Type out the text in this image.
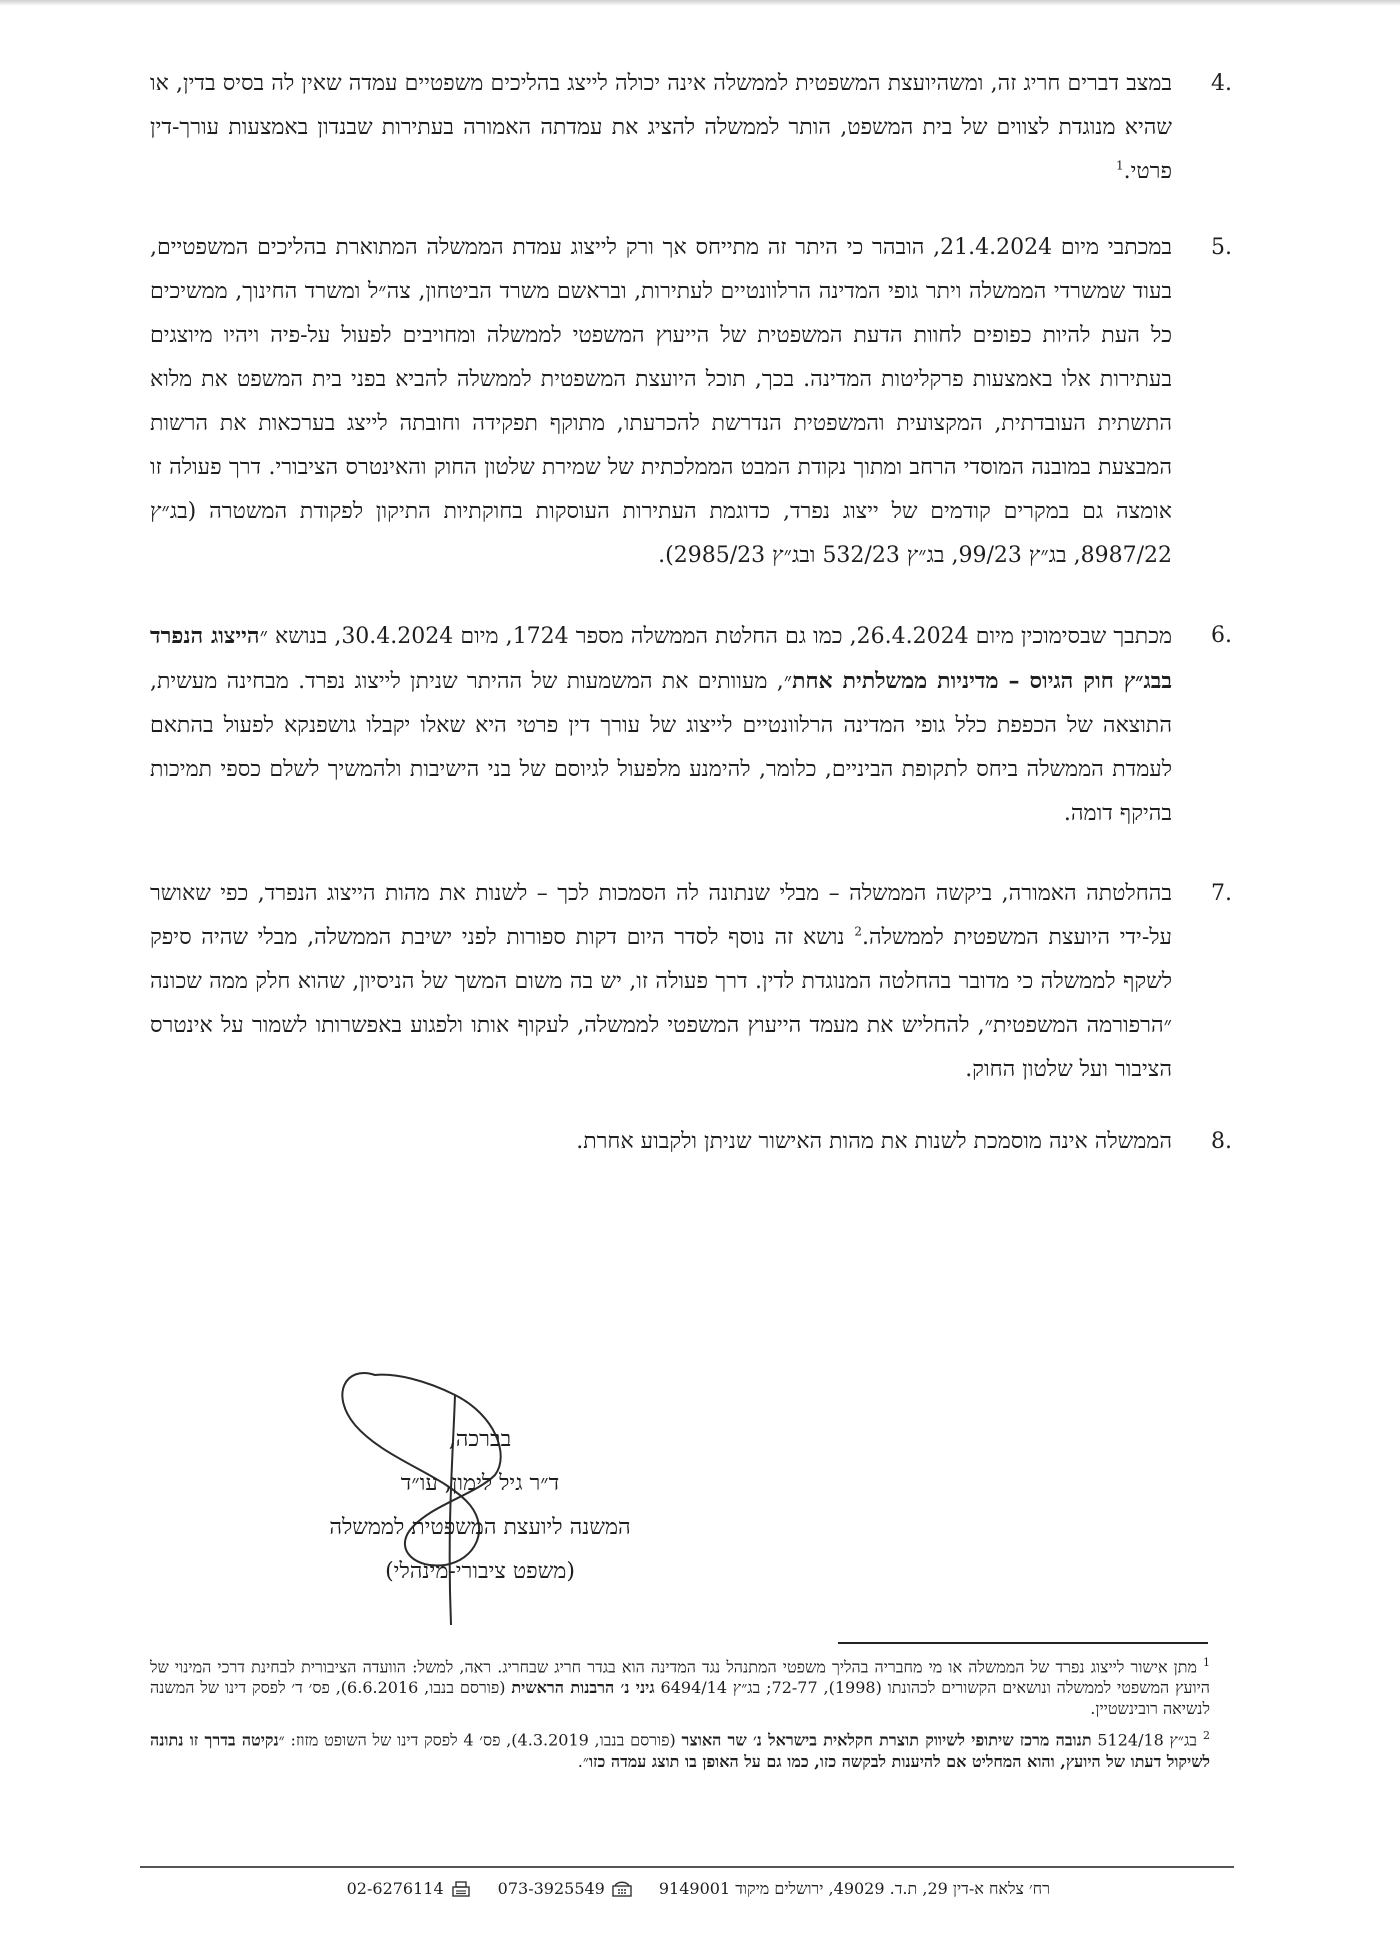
.4
במצב דברים חריג זה, ומשהיועצת המשפטית לממשלה אינה יכולה לייצג בהליכים משפטיים עמדה שאין לה בסיס בדין, או שהיא מנוגדת לצווים של בית המשפט, הותר לממשלה להציג את עמדתה האמורה בעתירות שבנדון באמצעות עורך-דין פרטי.$^1$
.5
במכתבי מיום 21.4.2024, הובהר כי היתר זה מתייחס אך ורק לייצוג עמדת הממשלה המתוארת בהליכים המשפטיים, בעוד שמשרדי הממשלה ויתר גופי המדינה הרלוונטיים לעתירות, ובראשם משרד הביטחון, צה״ל ומשרד החינוך, ממשיכים כל העת להיות כפופים לחוות הדעת המשפטית של הייעוץ המשפטי לממשלה ומחויבים לפעול על-פיה ויהיו מיוצגים בעתירות אלו באמצעות פרקליטות המדינה. בכך, תוכל היועצת המשפטית לממשלה להביא בפני בית המשפט את מלוא התשתית העובדתית, המקצועית והמשפטית הנדרשת להכרעתו, מתוקף תפקידה וחובתה לייצג בערכאות את הרשות המבצעת במובנה המוסדי הרחב ומתוך נקודת המבט הממלכתית של שמירת שלטון החוק והאינטרס הציבורי. דרך פעולה זו אומצה גם במקרים קודמים של ייצוג נפרד, כדוגמת העתירות העוסקות בחוקתיות התיקון לפקודת המשטרה (בג״ץ 8987/22, בג״ץ 99/23, בג״ץ 532/23 ובג״ץ 2985/23).
.6
מכתבך שבסימוכין מיום 26.4.2024, כמו גם החלטת הממשלה מספר 1724, מיום 30.4.2024, בנושא ״הייצוג הנפרד בבג״ץ חוק הגיוס – מדיניות ממשלתית אחת״, מעוותים את המשמעות של ההיתר שניתן לייצוג נפרד. מבחינה מעשית, התוצאה של הכפפת כלל גופי המדינה הרלוונטיים לייצוג של עורך דין פרטי היא שאלו יקבלו גושפנקא לפעול בהתאם לעמדת הממשלה ביחס לתקופת הביניים, כלומר, להימנע מלפעול לגיוסם של בני הישיבות ולהמשיך לשלם כספי תמיכות בהיקף דומה.
.7
בהחלטתה האמורה, ביקשה הממשלה – מבלי שנתונה לה הסמכות לכך – לשנות את מהות הייצוג הנפרד, כפי שאושר על-ידי היועצת המשפטית לממשלה.$^2$ נושא זה נוסף לסדר היום דקות ספורות לפני ישיבת הממשלה, מבלי שהיה סיפק לשקף לממשלה כי מדובר בהחלטה המנוגדת לדין. דרך פעולה זו, יש בה משום המשך של הניסיון, שהוא חלק ממה שכונה ״הרפורמה המשפטית״, להחליש את מעמד הייעוץ המשפטי לממשלה, לעקוף אותו ולפגוע באפשרותו לשמור על אינטרס הציבור ועל שלטון החוק.
.8
הממשלה אינה מוסמכת לשנות את מהות האישור שניתן ולקבוע אחרת.
בברכה,
ד״ר גיל לימון, עו״ד
המשנה ליועצת המשפטית לממשלה
(משפט ציבורי-מינהלי)
$^1$מתן אישור לייצוג נפרד של הממשלה או מי מחבריה בהליך משפטי המתנהל נגד המדינה הוא בגדר חריג שבחריג. ראה, למשל: הוועדה הציבורית לבחינת דרכי המינוי של היועץ המשפטי לממשלה ונושאים הקשורים לכהונתו (1998), 72-77; בג״ץ 6494/14 גיני נ׳ הרבנות הראשית (פורסם בנבו, 6.6.2016), פס׳ ד׳ לפסק דינו של המשנה לנשיאה רובינשטיין.
$^2$בג״ץ 5124/18 תנובה מרכז שיתופי לשיווק תוצרת חקלאית בישראל נ׳ שר האוצר (פורסם בנבו, 4.3.2019), פס׳ 4 לפסק דינו של השופט מזוז: ״נקיטה בדרך זו נתונה לשיקול דעתו של היועץ, והוא המחליט אם להיענות לבקשה כזו, כמו גם על האופן בו תוצג עמדה כזו״.
רח׳ צלאח א-דין 29, ת.ד. 49029, ירושלים מיקוד 9149001
073-3925549
02-6276114
